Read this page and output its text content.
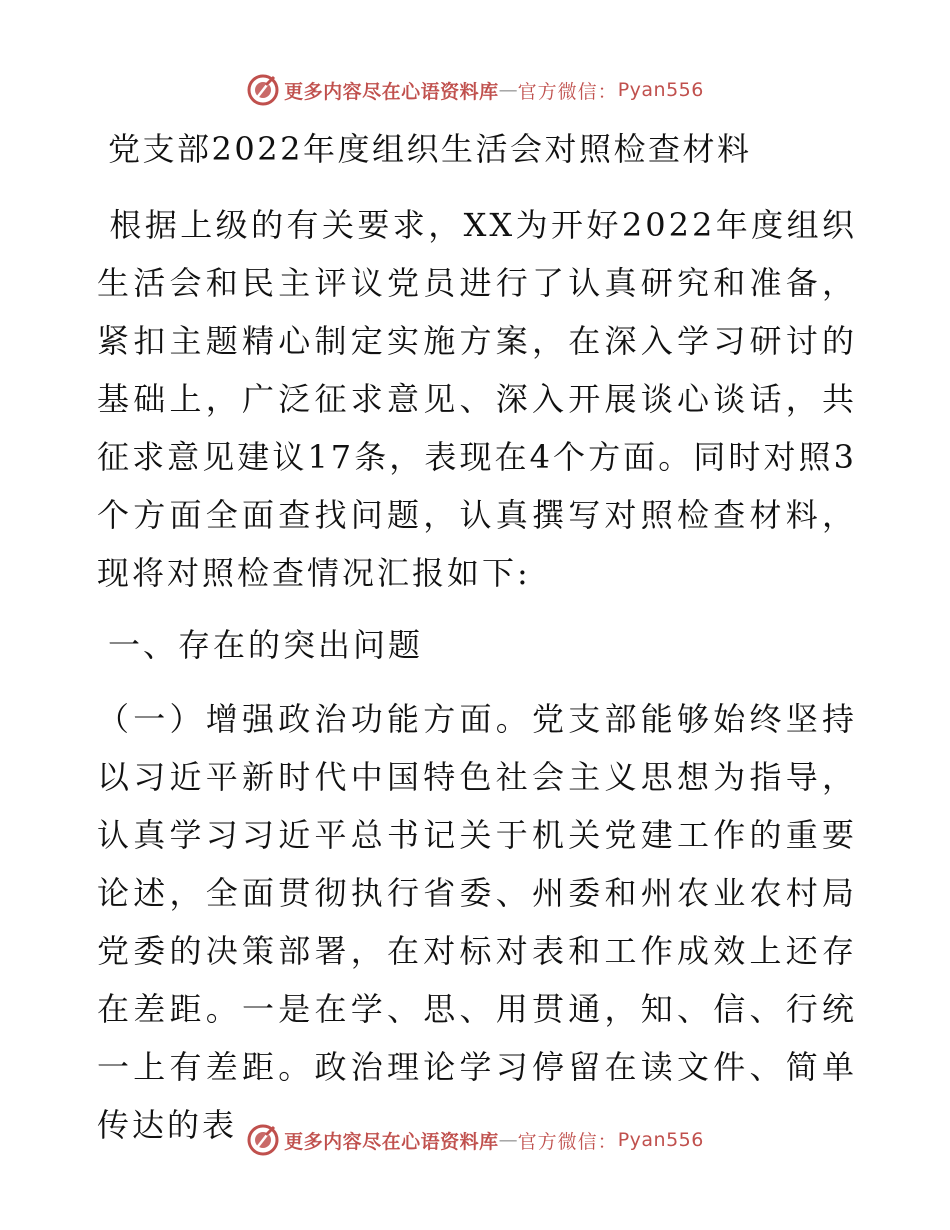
更多内容尽在心语资料库 — 官方微信： Pyan556
党支部2022年度组织生活会对照检查材料

根据上级的有关要求，XX为开好2022年度组织生活会和民主评议党员进行了认真研究和准备，紧扣主题精心制定实施方案，在深入学习研讨的基础上，广泛征求意见、深入开展谈心谈话，共征求意见建议17条，表现在4个方面。同时对照3个方面全面查找问题，认真撰写对照检查材料，现将对照检查情况汇报如下:

一、存在的突出问题

（一）增强政治功能方面。党支部能够始终坚持以习近平新时代中国特色社会主义思想为指导，认真学习习近平总书记关于机关党建工作的重要论述，全面贯彻执行省委、州委和州农业农村局党委的决策部署，在对标对表和工作成效上还存在差距。一是在学、思、用贯通，知、信、行统一上有差距。政治理论学习停留在读文件、简单传达的表	更多内容尽在心语资料库 — 官方微信： Pyan556
